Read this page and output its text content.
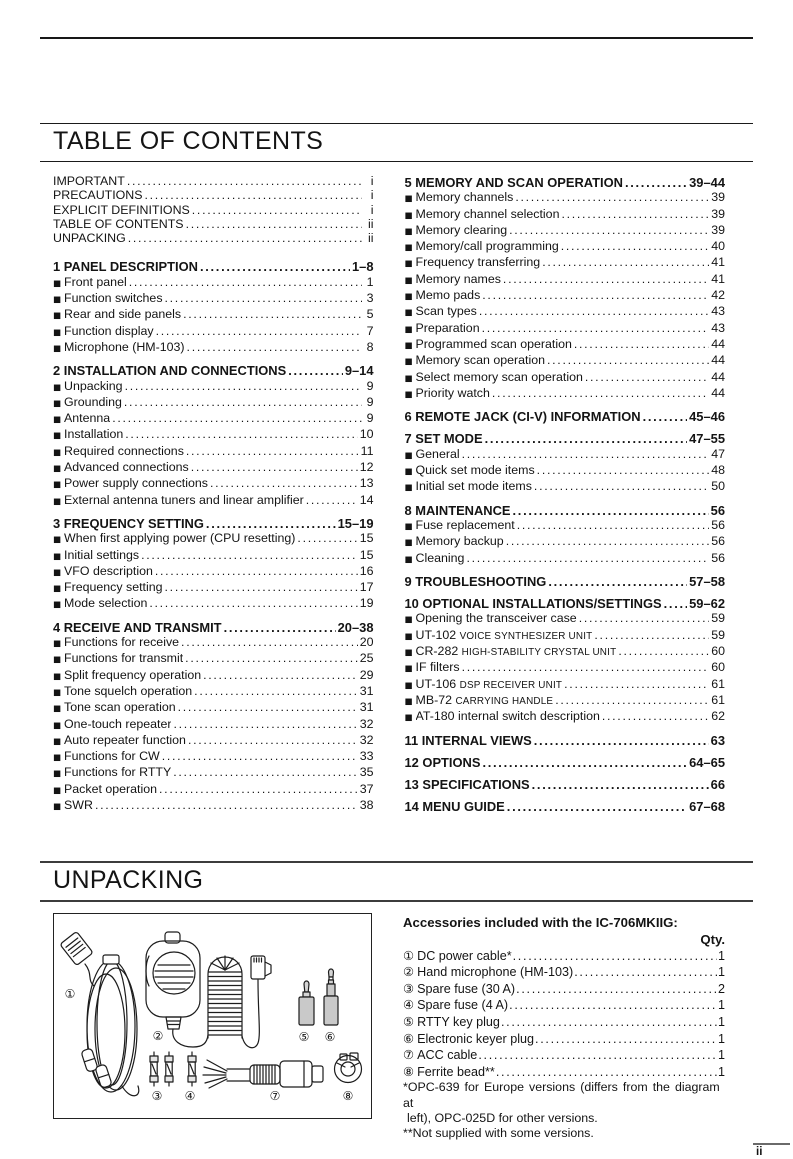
TABLE OF CONTENTS
IMPORTANT .....	i
PRECAUTIONS .....	i
EXPLICIT DEFINITIONS .....	i
TABLE OF CONTENTS .....	ii
UNPACKING .....	ii
1 PANEL DESCRIPTION .....	1–8
■ Front panel .....	1
■ Function switches .....	3
■ Rear and side panels .....	5
■ Function display .....	7
■ Microphone (HM-103) .....	8
2 INSTALLATION AND CONNECTIONS .....	9–14
■ Unpacking .....	9
■ Grounding .....	9
■ Antenna .....	9
■ Installation .....	10
■ Required connections .....	11
■ Advanced connections .....	12
■ Power supply connections .....	13
■ External antenna tuners and linear amplifier .....	14
3 FREQUENCY SETTING .....	15–19
■ When first applying power (CPU resetting) .....	15
■ Initial settings .....	15
■ VFO description .....	16
■ Frequency setting .....	17
■ Mode selection .....	19
4 RECEIVE AND TRANSMIT .....	20–38
■ Functions for receive .....	20
■ Functions for transmit .....	25
■ Split frequency operation .....	29
■ Tone squelch operation .....	31
■ Tone scan operation .....	31
■ One-touch repeater .....	32
■ Auto repeater function .....	32
■ Functions for CW .....	33
■ Functions for RTTY .....	35
■ Packet operation .....	37
■ SWR .....	38
5 MEMORY AND SCAN OPERATION .....	39–44
■ Memory channels .....	39
■ Memory channel selection .....	39
■ Memory clearing .....	39
■ Memory/call programming .....	40
■ Frequency transferring .....	41
■ Memory names .....	41
■ Memo pads .....	42
■ Scan types .....	43
■ Preparation .....	43
■ Programmed scan operation .....	44
■ Memory scan operation .....	44
■ Select memory scan operation .....	44
■ Priority watch .....	44
6 REMOTE JACK (CI-V) INFORMATION .....	45–46
7 SET MODE .....	47–55
■ General .....	47
■ Quick set mode items .....	48
■ Initial set mode items .....	50
8 MAINTENANCE .....	56
■ Fuse replacement .....	56
■ Memory backup .....	56
■ Cleaning .....	56
9 TROUBLESHOOTING .....	57–58
10 OPTIONAL INSTALLATIONS/SETTINGS ..... 59–62
■ Opening the transceiver case .....	59
■ UT-102 VOICE SYNTHESIZER UNIT .....	59
■ CR-282 HIGH-STABILITY CRYSTAL UNIT .....	60
■ IF filters .....	60
■ UT-106 DSP RECEIVER UNIT .....	61
■ MB-72 CARRYING HANDLE .....	61
■ AT-180 internal switch description .....	62
11 INTERNAL VIEWS .....	63
12 OPTIONS .....	64–65
13 SPECIFICATIONS .....	66
14 MENU GUIDE .....	67–68
UNPACKING
①
②
③ ④
⑤ ⑥
⑦	⑧
Accessories included with the IC-706MKIIG:
Qty.
① DC power cable* .....	1
② Hand microphone (HM-103) .....	1
③ Spare fuse (30 A) .....	2
④ Spare fuse (4 A) .....	1
⑤ RTTY key plug .....	1
⑥ Electronic keyer plug .....	1
⑦ ACC cable .....	1
⑧ Ferrite bead** .....	1
*OPC-639 for Europe versions (differs from the diagram at
left), OPC-025D for other versions.
**Not supplied with some versions.
ii
